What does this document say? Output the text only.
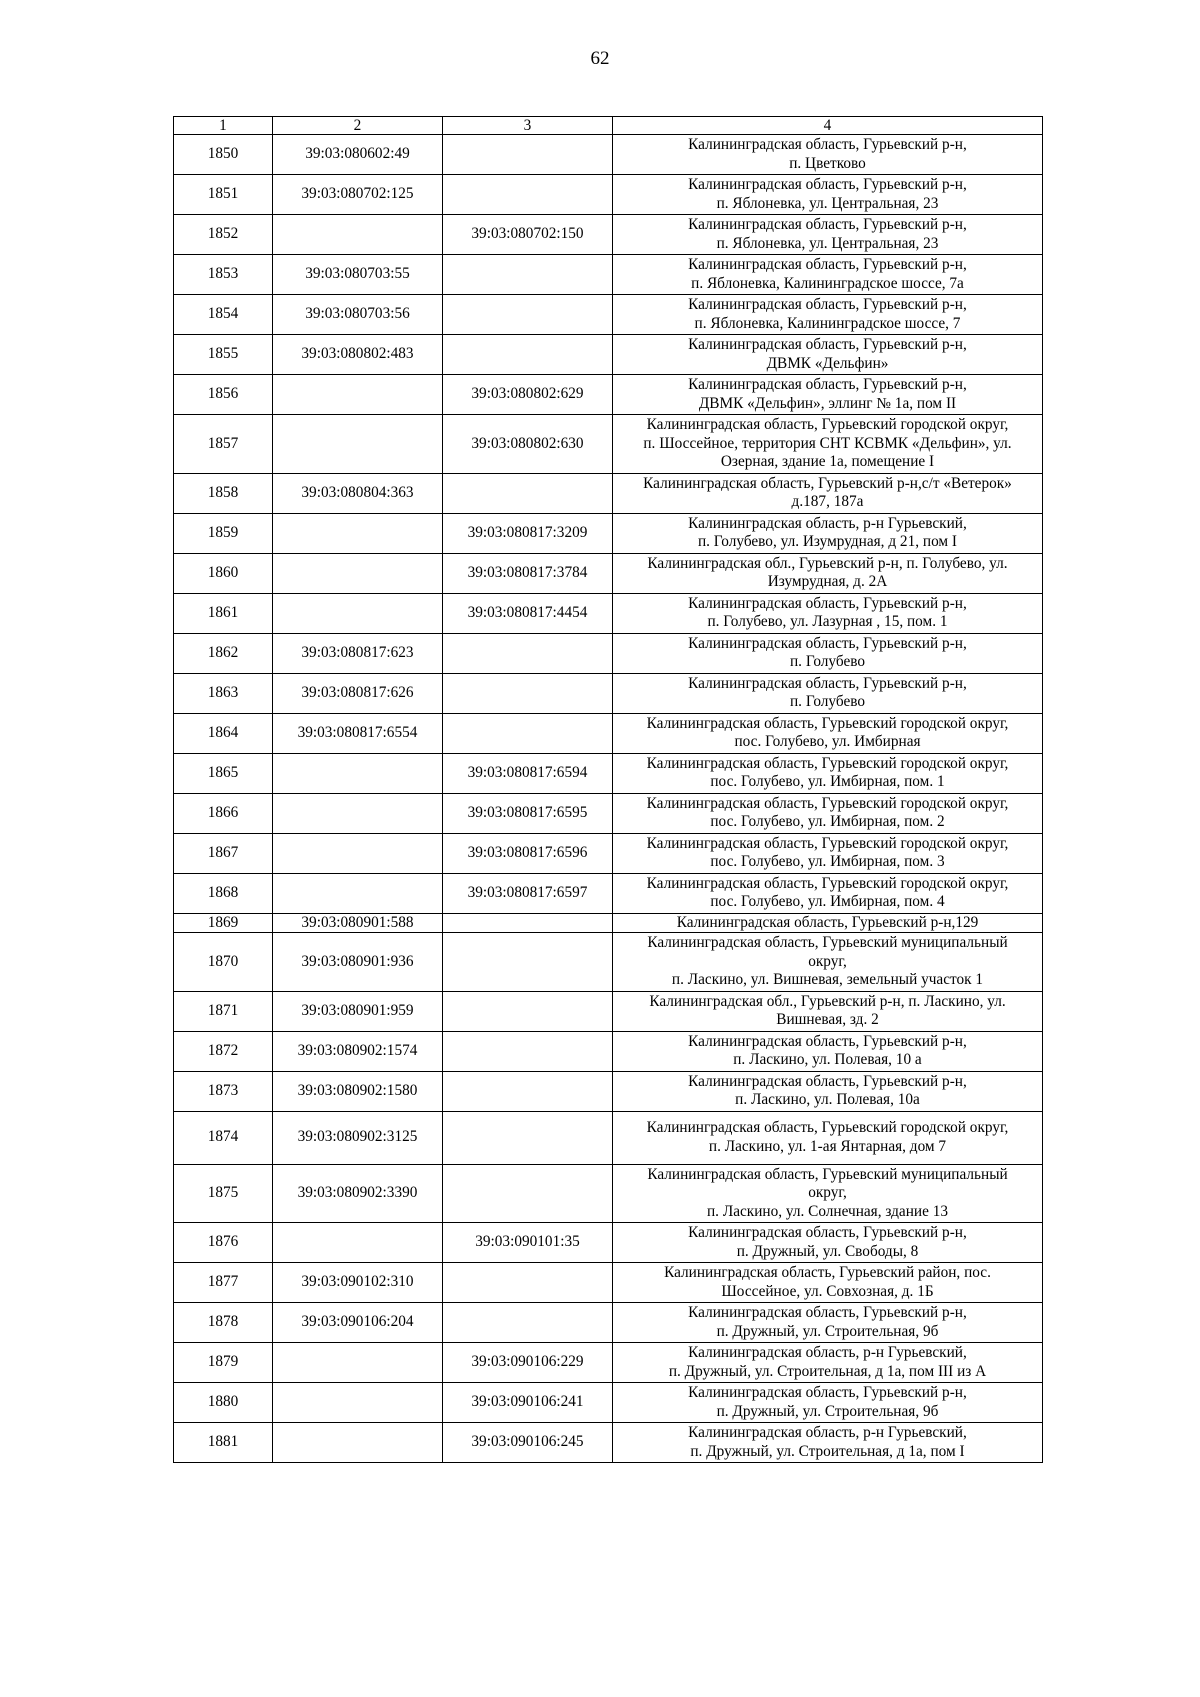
62
1	2	3	4
1850	39:03:080602:49		Калининградская область, Гурьевский р-н,
п. Цветково
1851	39:03:080702:125		Калининградская область, Гурьевский р-н,
п. Яблоневка, ул. Центральная, 23
1852		39:03:080702:150	Калининградская область, Гурьевский р-н,
п. Яблоневка, ул. Центральная, 23
1853	39:03:080703:55		Калининградская область, Гурьевский р-н,
п. Яблоневка, Калининградское шоссе, 7а
1854	39:03:080703:56		Калининградская область, Гурьевский р-н,
п. Яблоневка, Калининградское шоссе, 7
1855	39:03:080802:483		Калининградская область, Гурьевский р-н,
ДВМК «Дельфин»
1856		39:03:080802:629	Калининградская область, Гурьевский р-н,
ДВМК «Дельфин», эллинг № 1а, пом II
1857		39:03:080802:630	Калининградская область, Гурьевский городской округ,
п. Шоссейное, территория СНТ КСВМК «Дельфин», ул.
Озерная, здание 1а, помещение I
1858	39:03:080804:363		Калининградская область, Гурьевский р-н,с/т «Ветерок»
д.187, 187а
1859		39:03:080817:3209	Калининградская область, р-н Гурьевский,
п. Голубево, ул. Изумрудная, д 21, пом I
1860		39:03:080817:3784	Калининградская обл., Гурьевский р-н, п. Голубево, ул.
Изумрудная, д. 2А
1861		39:03:080817:4454	Калининградская область, Гурьевский р-н,
п. Голубево, ул. Лазурная , 15, пом. 1
1862	39:03:080817:623		Калининградская область, Гурьевский р-н,
п. Голубево
1863	39:03:080817:626		Калининградская область, Гурьевский р-н,
п. Голубево
1864	39:03:080817:6554		Калининградская область, Гурьевский городской округ,
пос. Голубево, ул. Имбирная
1865		39:03:080817:6594	Калининградская область, Гурьевский городской округ,
пос. Голубево, ул. Имбирная, пом. 1
1866		39:03:080817:6595	Калининградская область, Гурьевский городской округ,
пос. Голубево, ул. Имбирная, пом. 2
1867		39:03:080817:6596	Калининградская область, Гурьевский городской округ,
пос. Голубево, ул. Имбирная, пом. 3
1868		39:03:080817:6597	Калининградская область, Гурьевский городской округ,
пос. Голубево, ул. Имбирная, пом. 4
1869	39:03:080901:588		Калининградская область, Гурьевский р-н,129
1870	39:03:080901:936		Калининградская область, Гурьевский муниципальный
округ,
п. Ласкино, ул. Вишневая, земельный участок 1
1871	39:03:080901:959		Калининградская обл., Гурьевский р-н, п. Ласкино, ул.
Вишневая, зд. 2
1872	39:03:080902:1574		Калининградская область, Гурьевский р-н,
п. Ласкино, ул. Полевая, 10 а
1873	39:03:080902:1580		Калининградская область, Гурьевский р-н,
п. Ласкино, ул. Полевая, 10а
1874	39:03:080902:3125		Калининградская область, Гурьевский городской округ,
п. Ласкино, ул. 1-ая Янтарная, дом 7
1875	39:03:080902:3390		Калининградская область, Гурьевский муниципальный
округ,
п. Ласкино, ул. Солнечная, здание 13
1876		39:03:090101:35	Калининградская область, Гурьевский р-н,
п. Дружный, ул. Свободы, 8
1877	39:03:090102:310		Калининградская область, Гурьевский район, пос.
Шоссейное, ул. Совхозная, д. 1Б
1878	39:03:090106:204		Калининградская область, Гурьевский р-н,
п. Дружный, ул. Строительная, 9б
1879		39:03:090106:229	Калининградская область, р-н Гурьевский,
п. Дружный, ул. Строительная, д 1а, пом III из А
1880		39:03:090106:241	Калининградская область, Гурьевский р-н,
п. Дружный, ул. Строительная, 9б
1881		39:03:090106:245	Калининградская область, р-н Гурьевский,
п. Дружный, ул. Строительная, д 1а, пом I
